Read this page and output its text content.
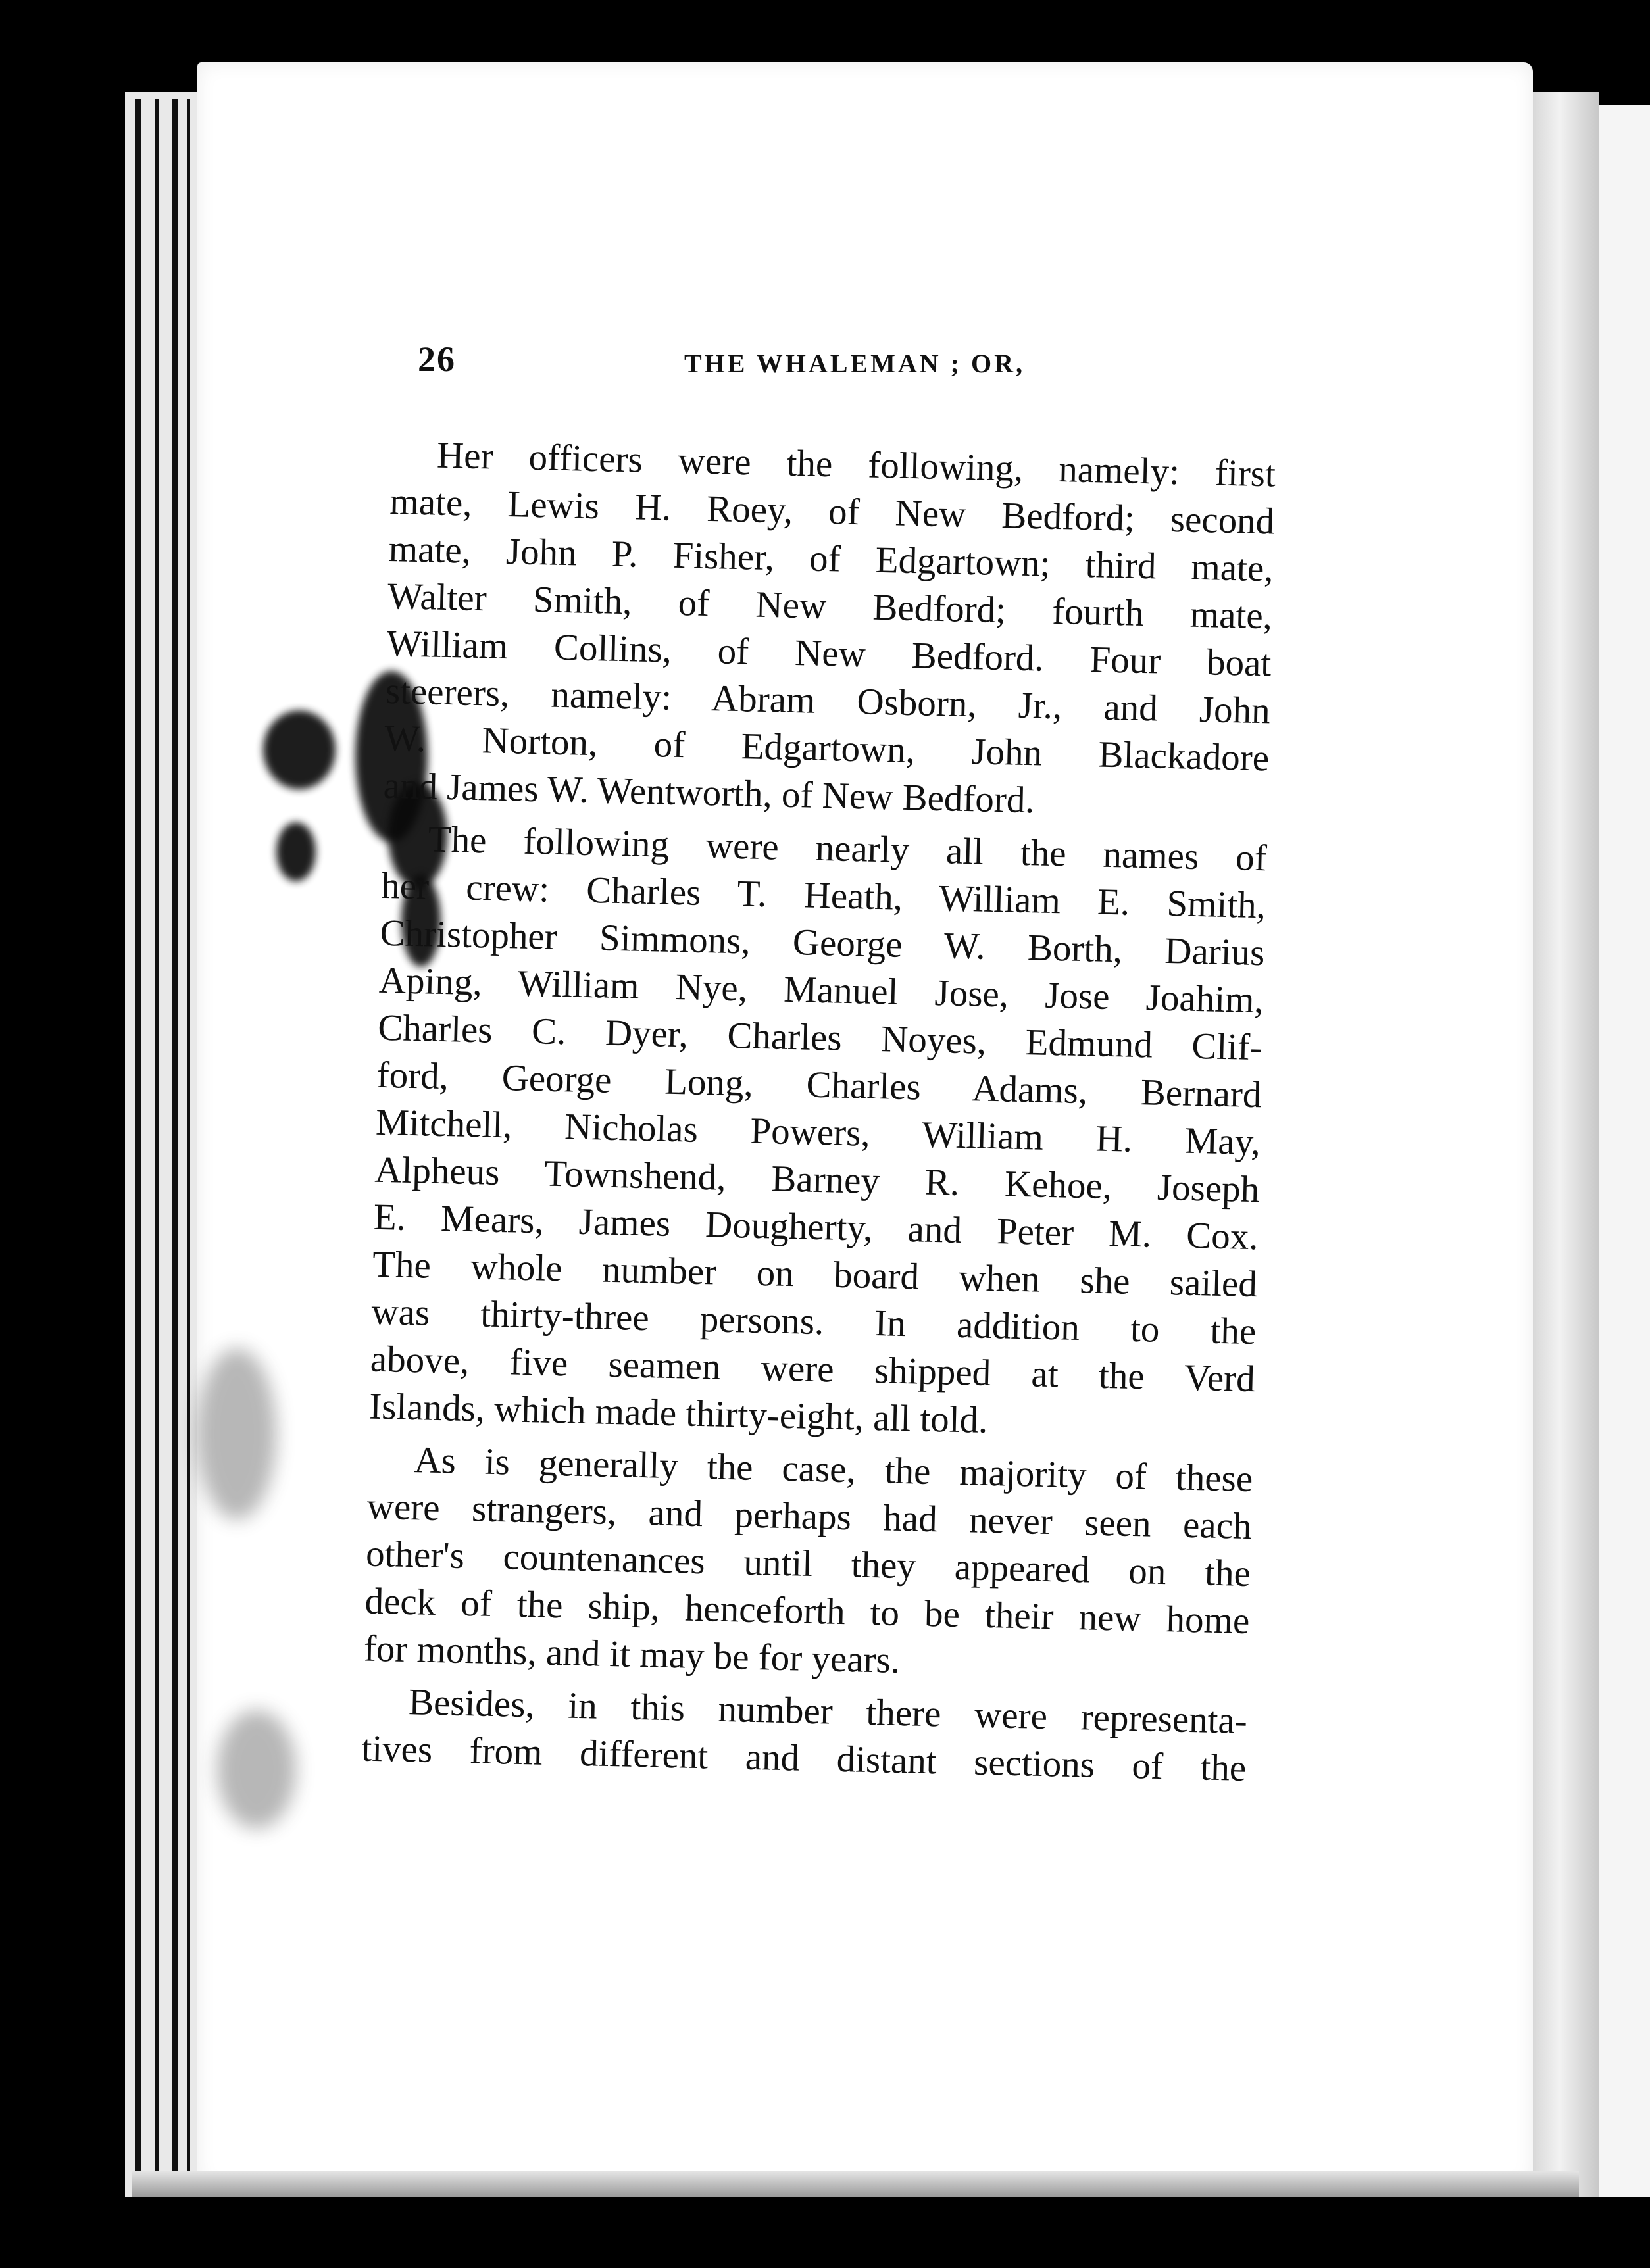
26	THE WHALEMAN ; OR,
Her officers were the following, namely: first
mate, Lewis H. Roey, of New Bedford; second
mate, John P. Fisher, of Edgartown; third mate,
Walter Smith, of New Bedford; fourth mate,
William Collins, of New Bedford. Four boat
steerers, namely: Abram Osborn, Jr., and John
W. Norton, of Edgartown, John Blackadore
and James W. Wentworth, of New Bedford.
The following were nearly all the names of
her crew: Charles T. Heath, William E. Smith,
Christopher Simmons, George W. Borth, Darius
Aping, William Nye, Manuel Jose, Jose Joahim,
Charles C. Dyer, Charles Noyes, Edmund Clif-
ford, George Long, Charles Adams, Bernard
Mitchell, Nicholas Powers, William H. May,
Alpheus Townshend, Barney R. Kehoe, Joseph
E. Mears, James Dougherty, and Peter M. Cox.
The whole number on board when she sailed
was thirty-three persons. In addition to the
above, five seamen were shipped at the Verd
Islands, which made thirty-eight, all told.
As is generally the case, the majority of these
were strangers, and perhaps had never seen each
other's countenances until they appeared on the
deck of the ship, henceforth to be their new home
for months, and it may be for years.
Besides, in this number there were representa-
tives from different and distant sections of the
